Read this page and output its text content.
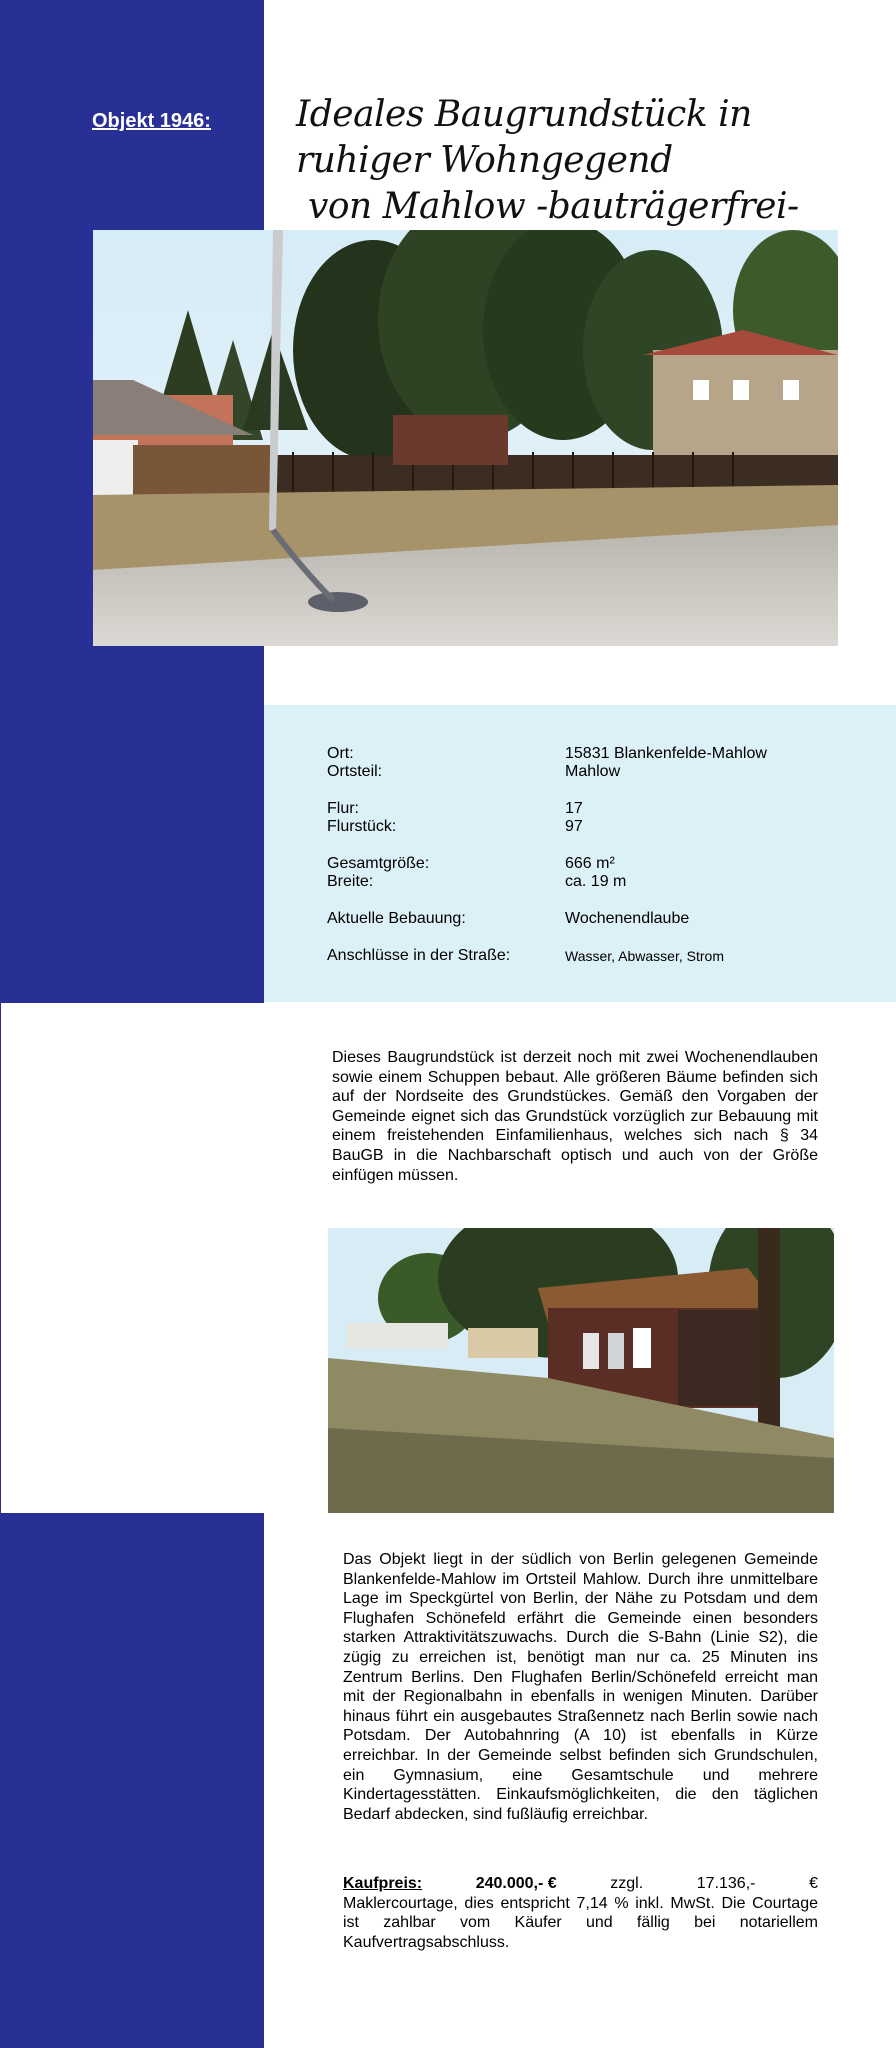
Objekt 1946: Ideales Baugrundstück in ruhiger Wohngegend
von Mahlow -bauträgerfrei-
Ort:	15831 Blankenfelde-Mahlow
Ortsteil:	Mahlow
Flur:	17
Flurstück:	97
Gesamtgröße:	666 m²
Breite:	ca. 19 m
Aktuelle Bebauung:	Wochenendlaube
Anschlüsse in der Straße:	Wasser, Abwasser, Strom
Dieses Baugrundstück ist derzeit noch mit zwei Wochenendlauben sowie einem Schuppen bebaut. Alle größeren Bäume befinden sich auf der Nordseite des Grundstückes. Gemäß den Vorgaben der Gemeinde eignet sich das Grundstück vorzüglich zur Bebauung mit einem freistehenden Einfamilienhaus, welches sich nach § 34 BauGB in die Nachbarschaft optisch und auch von der Größe einfügen müssen.
Das Objekt liegt in der südlich von Berlin gelegenen Gemeinde Blankenfelde-Mahlow im Ortsteil Mahlow. Durch ihre unmittelbare Lage im Speckgürtel von Berlin, der Nähe zu Potsdam und dem Flughafen Schönefeld erfährt die Gemeinde einen besonders starken Attraktivitätszuwachs. Durch die S-Bahn (Linie S2), die zügig zu erreichen ist, benötigt man nur ca. 25 Minuten ins Zentrum Berlins. Den Flughafen Berlin/Schönefeld erreicht man mit der Regionalbahn in ebenfalls in wenigen Minuten. Darüber hinaus führt ein ausgebautes Straßennetz nach Berlin sowie nach Potsdam. Der Autobahnring (A 10) ist ebenfalls in Kürze erreichbar. In der Gemeinde selbst befinden sich Grundschulen, ein Gymnasium, eine Gesamtschule und mehrere Kindertagesstätten. Einkaufsmöglichkeiten, die den täglichen Bedarf abdecken, sind fußläufig erreichbar.
Kaufpreis:	240.000,- €	zzgl.	17.136,-	€
Maklercourtage, dies entspricht 7,14 % inkl. MwSt. Die Courtage ist zahlbar vom Käufer und fällig bei notariellem Kaufvertragsabschluss.
